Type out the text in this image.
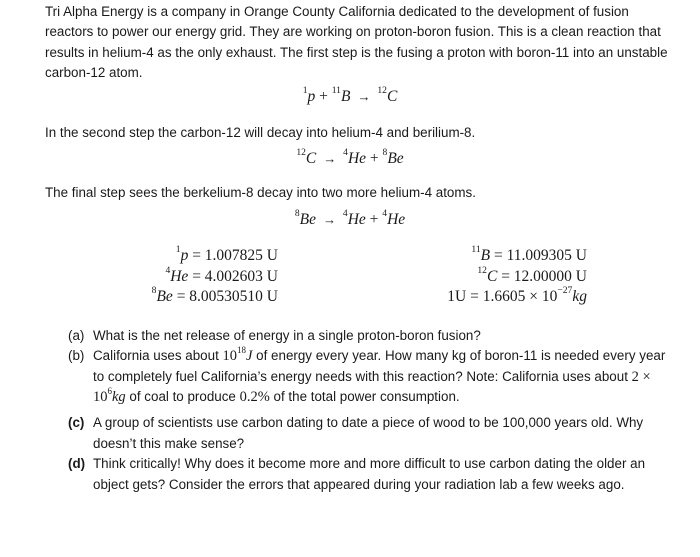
Tri Alpha Energy is a company in Orange County California dedicated to the development of fusion reactors to power our energy grid. They are working on proton-boron fusion. This is a clean reaction that results in helium-4 as the only exhaust. The first step is the fusing a proton with boron-11 into an unstable carbon-12 atom.

$^1$p + $^{11}$B → $^{12}$C

In the second step the carbon-12 will decay into helium-4 and berilium-8.

$^{12}$C → $^4$He + $^8$Be

The final step sees the berkelium-8 decay into two more helium-4 atoms.

$^8$Be → $^4$He + $^4$He

$^1$p = 1.007825 U
$^4$He = 4.002603 U
$^8$Be = 8.00530510 U
$^{11}$B = 11.009305 U
$^{12}$C = 12.00000 U
$1U = 1.6605 \times 10^{-27}kg$
(a) What is the net release of energy in a single proton-boron fusion?
(b) California uses about $10^{18}J$ of energy every year. How many kg of boron-11 is needed every year to completely fuel California’s energy needs with this reaction? Note: California uses about $2 \times 10^6kg$ of coal to produce 0.2% of the total power consumption.
(c) A group of scientists use carbon dating to date a piece of wood to be 100,000 years old. Why doesn’t this make sense?
(d) Think critically! Why does it become more and more difficult to use carbon dating the older an object gets? Consider the errors that appeared during your radiation lab a few weeks ago.
